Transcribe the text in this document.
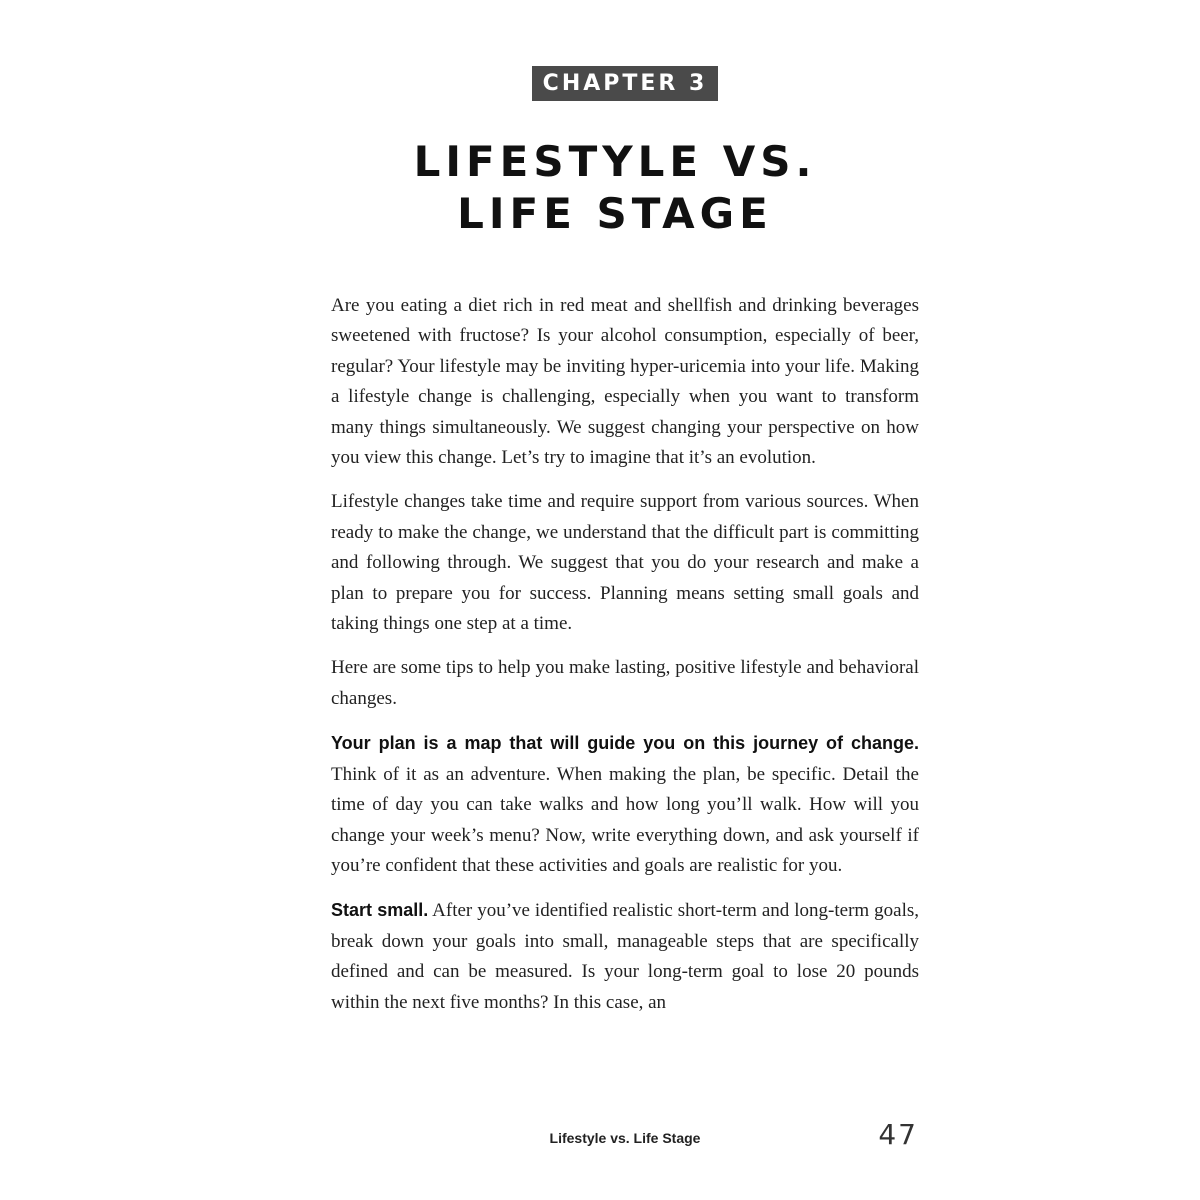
CHAPTER 3
LIFESTYLE VS.
LIFE STAGE

Are you eating a diet rich in red meat and shellfish and drinking beverages sweetened with fructose? Is your alcohol consumption, especially of beer, regular? Your lifestyle may be inviting hyper-uricemia into your life. Making a lifestyle change is challenging, especially when you want to transform many things simultaneously. We suggest changing your perspective on how you view this change. Let’s try to imagine that it’s an evolution.

Lifestyle changes take time and require support from various sources. When ready to make the change, we understand that the difficult part is committing and following through. We suggest that you do your research and make a plan to prepare you for success. Planning means setting small goals and taking things one step at a time.

Here are some tips to help you make lasting, positive lifestyle and behavioral changes.

Your plan is a map that will guide you on this journey of change. Think of it as an adventure. When making the plan, be specific. Detail the time of day you can take walks and how long you’ll walk. How will you change your week’s menu? Now, write everything down, and ask yourself if you’re confident that these activities and goals are realistic for you.

Start small. After you’ve identified realistic short-term and long-term goals, break down your goals into small, manageable steps that are specifically defined and can be measured. Is your long-term goal to lose 20 pounds within the next five months? In this case, an

Lifestyle vs. Life Stage	47
